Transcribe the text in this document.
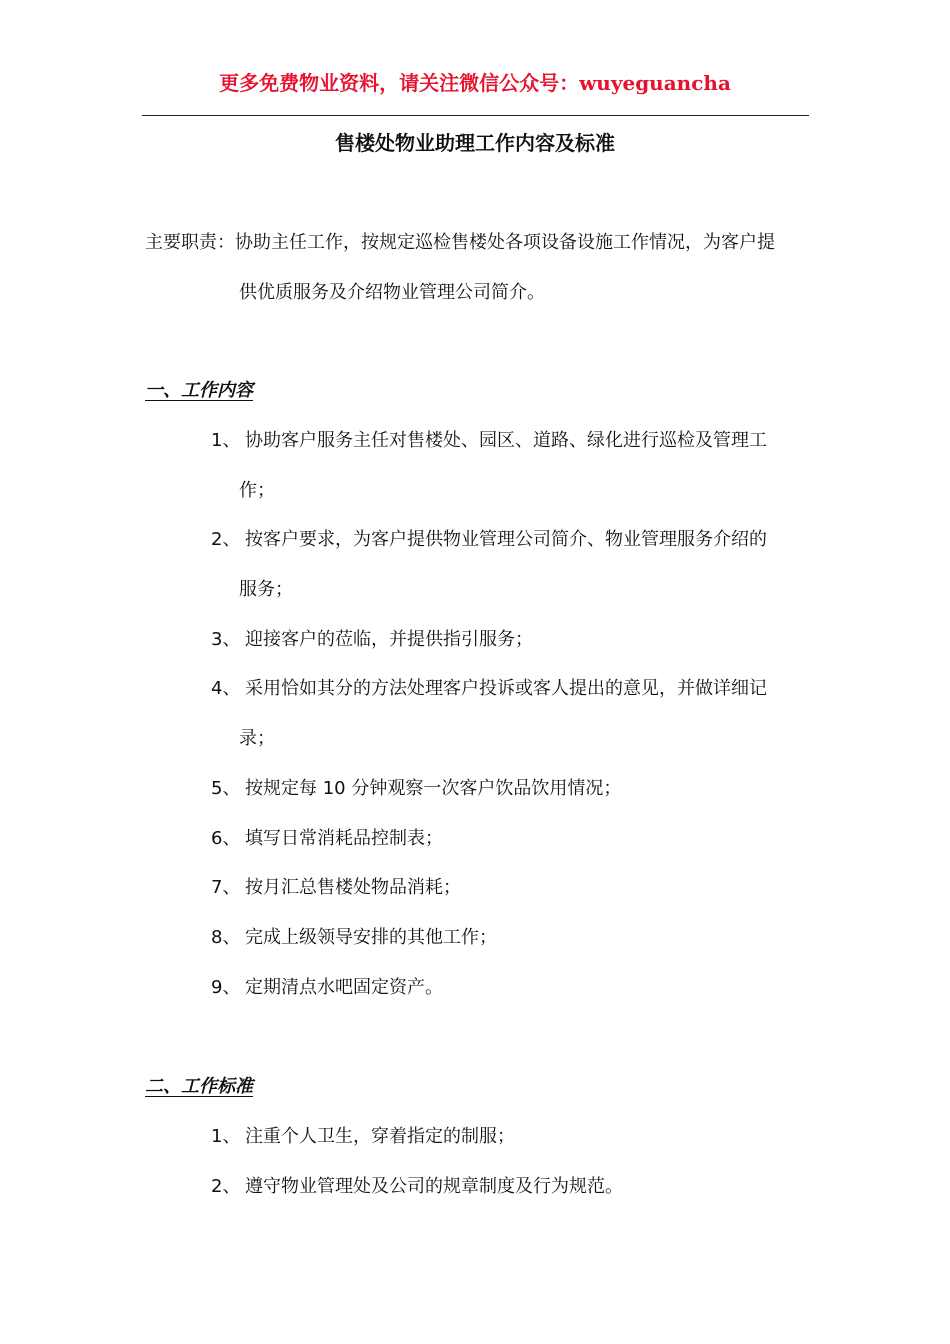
更多免费物业资料，请关注微信公众号：wuyeguancha
售楼处物业助理工作内容及标准
主要职责：协助主任工作，按规定巡检售楼处各项设备设施工作情况，为客户提
供优质服务及介绍物业管理公司简介。
一、工作内容
1、 协助客户服务主任对售楼处、园区、道路、绿化进行巡检及管理工
作；
2、 按客户要求，为客户提供物业管理公司简介、物业管理服务介绍的
服务；
3、 迎接客户的莅临，并提供指引服务；
4、 采用恰如其分的方法处理客户投诉或客人提出的意见，并做详细记
录；
5、 按规定每 10 分钟观察一次客户饮品饮用情况；
6、 填写日常消耗品控制表；
7、 按月汇总售楼处物品消耗；
8、 完成上级领导安排的其他工作；
9、 定期清点水吧固定资产。
二、工作标准
1、 注重个人卫生，穿着指定的制服；
2、 遵守物业管理处及公司的规章制度及行为规范。
